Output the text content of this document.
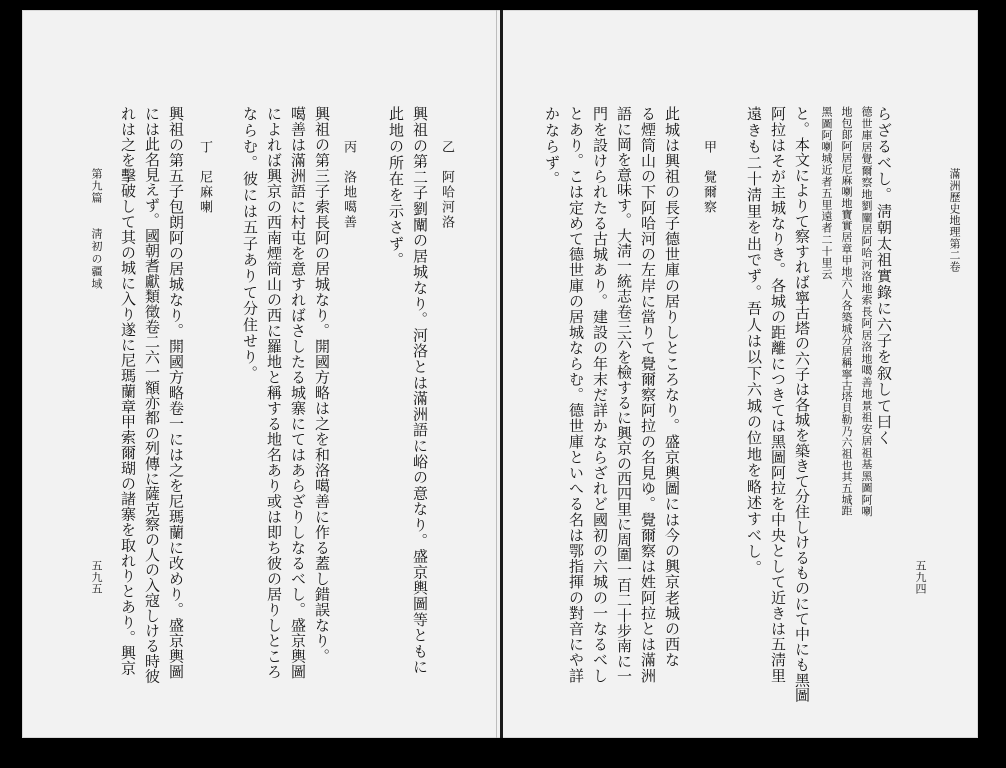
滿洲歷史地理第二卷
五九四
らざるべし。淸朝太祖實錄に六子を叙して曰く
德世庫居覺爾察地劉闡居阿哈河洛地索長阿居洛地噶善地景祖安居祖基黑圖阿喇
地包郞阿居尼麻喇地寶實居章甲地六人各築城分居稱寧古塔貝勒乃六祖也其五城距
黑圖阿喇城近者五里遠者二十里云
と。本文によりて察すれば寧古塔の六子は各城を築きて分住しけるものにて中にも黑圖
阿拉はそが主城なりき。各城の距離につきては黑圖阿拉を中央として近きは五淸里
遠きも二十淸里を出でず。吾人は以下六城の位地を略述すべし。
甲　覺爾察
此城は興祖の長子德世庫の居りしところなり。盛京輿圖には今の興京老城の西な
る煙筒山の下阿哈河の左岸に當りて覺爾察阿拉の名見ゆ。覺爾察は姓阿拉とは滿洲
語に岡を意味す。大淸一統志卷三六を檢するに興京の西四里に周圍一百二十步南に一
門を設けられたる古城あり。建設の年末だ詳かならざれど國初の六城の一なるべし
とあり。こは定めて德世庫の居城ならむ。德世庫といへる名は鄂指揮の對音にや詳
かならず。
乙　阿哈河洛
興祖の第二子劉闡の居城なり。河洛とは滿洲語に峪の意なり。盛京輿圖等ともに
此地の所在を示さず。
丙　洛地噶善
興祖の第三子索長阿の居城なり。開國方略は之を和洛噶善に作る蓋し錯誤なり。
噶善は滿洲語に村屯を意すればさしたる城寨にてはあらざりしなるべし。盛京輿圖
によれば興京の西南煙筒山の西に羅地と稱する地名あり或は即ち彼の居りしところ
ならむ。彼には五子ありて分住せり。
丁　尼麻喇
興祖の第五子包朗阿の居城なり。開國方略卷一には之を尼瑪蘭に改めり。盛京輿圖
には此名見えず。國朝耆獻類徵卷二六一額亦都の列傳に薩克察の人の入寇しける時彼
れは之を擊破して其の城に入り遂に尼瑪蘭章甲索爾瑚の諸寨を取れりとあり。興京
第九篇
淸初の疆域
五九五
